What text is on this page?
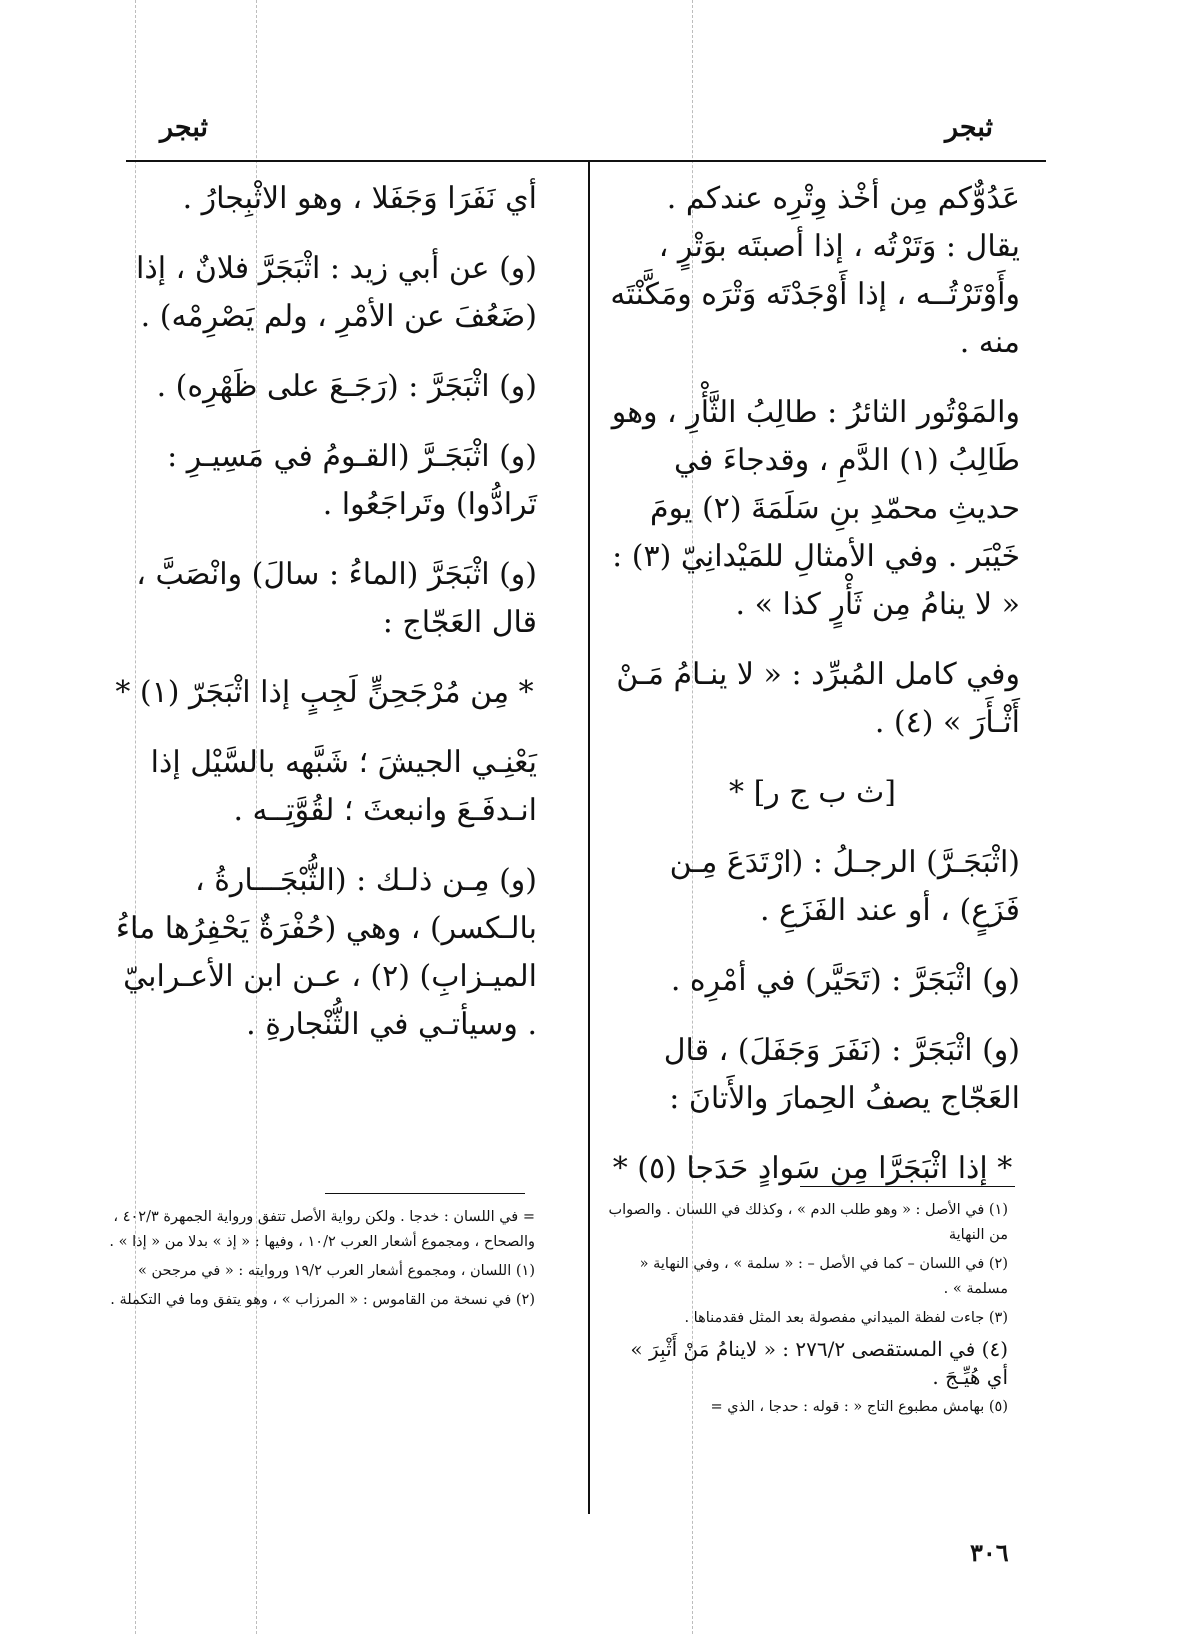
ثبجر	ثبجر

عَدُوٌّكم مِن أخْذ وِتْرِه عندكم . يقال : وَتَرْتُه ، إذا أصبتَه بوَتْرٍ ، وأَوْتَرْتُــه ، إذا أَوْجَدْتَه وَتْرَه ومَكَّنْتَه منه .

والمَوْتُور الثائرُ : طالِبُ الثَّأْرِ ، وهو طَالِبُ (١) الدَّمِ ، وقدجاءَ في حديثِ محمّدِ بنِ سَلَمَةَ (٢) يومَ خَيْبَر . وفي الأمثالِ للمَيْدانِيّ (٣) : « لا ينامُ مِن ثَأْرٍ كذا » .

وفي كامل المُبرِّد : « لا ينـامُ مَـنْ أَثْـأَرَ » (٤) .

[ث ب ج ر] *

(اثْبَجَـرَّ) الرجـلُ : (ارْتَدَعَ مِـن فَزَعٍ) ، أو عند الفَزَعِ .

(و) اثْبَجَرَّ : (تَحَيَّر) في أمْرِه .

(و) اثْبَجَرَّ : (نَفَرَ وَجَفَلَ) ، قال العَجّاج يصفُ الحِمارَ والأَتانَ :

* إذا اثْبَجَرَّا مِن سَوادٍ حَدَجا (٥) *

أي نَفَرَا وَجَفَلا ، وهو الاثْبِجارُ .

(و) عن أبي زيد : اثْبَجَرَّ فلانٌ ، إذا (ضَعُفَ عن الأمْرِ ، ولم يَصْرِمْه) .

(و) اثْبَجَرَّ : (رَجَـعَ على ظَهْرِه) .

(و) اثْبَجَـرَّ (القـومُ في مَسِيـرِ : تَرادُّوا) وتَراجَعُوا .

(و) اثْبَجَرَّ (الماءُ : سالَ) وانْصَبَّ ، قال العَجّاج :

* مِن مُرْجَحِنٍّ لَجِبٍ إذا اثْبَجَرّ (١) *

يَعْنِـي الجيشَ ؛ شَبَّهه بالسَّيْل إذا انـدفَـعَ وانبعثَ ؛ لقُوَّتِــه .

(و) مِـن ذلـك : (الثُّبْجَـــارةُ ، بالـكسر) ، وهي (حُفْرَةٌ يَحْفِرُها ماءُ الميـزابِ) (٢) ، عـن ابن الأعـرابيّ . وسيأتـي في الثُّنْجارةِ .

(١) في الأصل : « وهو طلب الدم » ، وكذلك في اللسان . والصواب من النهاية

(٢) في اللسان – كما في الأصل – : « سلمة » ، وفي النهاية « مسلمة » .

(٣) جاءت لفظة الميداني مفصولة بعد المثل فقدمناها .

(٤) في المستقصى ٢٧٦/٢ : « لاينامُ مَنْ أَثْبِرَ » أي هُيِّـجَ .

(٥) بهامش مطبوع التاج « : قوله : حدجا ، الذي =

= في اللسان : خدجا . ولكن رواية الأصل تتفق ورواية الجمهرة ٤٠٢/٣ ، والصحاح ، ومجموع أشعار العرب ١٠/٢ ، وفيها : « إذ » بدلا من « إذا » .

(١) اللسان ، ومجموع أشعار العرب ١٩/٢ وروايته : « في مرجحن »

(٢) في نسخة من القاموس : « المرزاب » ، وهو يتفق وما في التكملة .

٣٠٦
